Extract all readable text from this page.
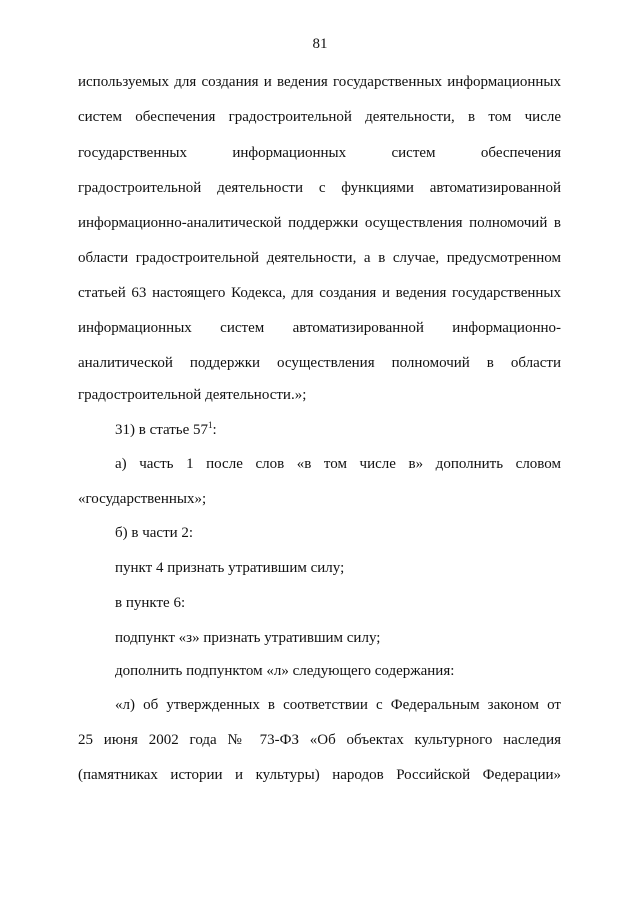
81
используемых для создания и ведения государственных информационных
систем обеспечения градостроительной деятельности, в том числе
государственных информационных систем обеспечения
градостроительной деятельности с функциями автоматизированной
информационно-аналитической поддержки осуществления полномочий в
области градостроительной деятельности, а в случае, предусмотренном
статьей 63 настоящего Кодекса, для создания и ведения государственных
информационных систем автоматизированной информационно-
аналитической поддержки осуществления полномочий в области
градостроительной деятельности.»;
31) в статье $57^1$:
а) часть 1 после слов «в том числе в» дополнить словом
«государственных»;
б) в части 2:
пункт 4 признать утратившим силу;
в пункте 6:
подпункт «з» признать утратившим силу;
дополнить подпунктом «л» следующего содержания:
«л) об утвержденных в соответствии с Федеральным законом от
25 июня 2002 года № 73-ФЗ «Об объектах культурного наследия
(памятниках истории и культуры) народов Российской Федерации»
